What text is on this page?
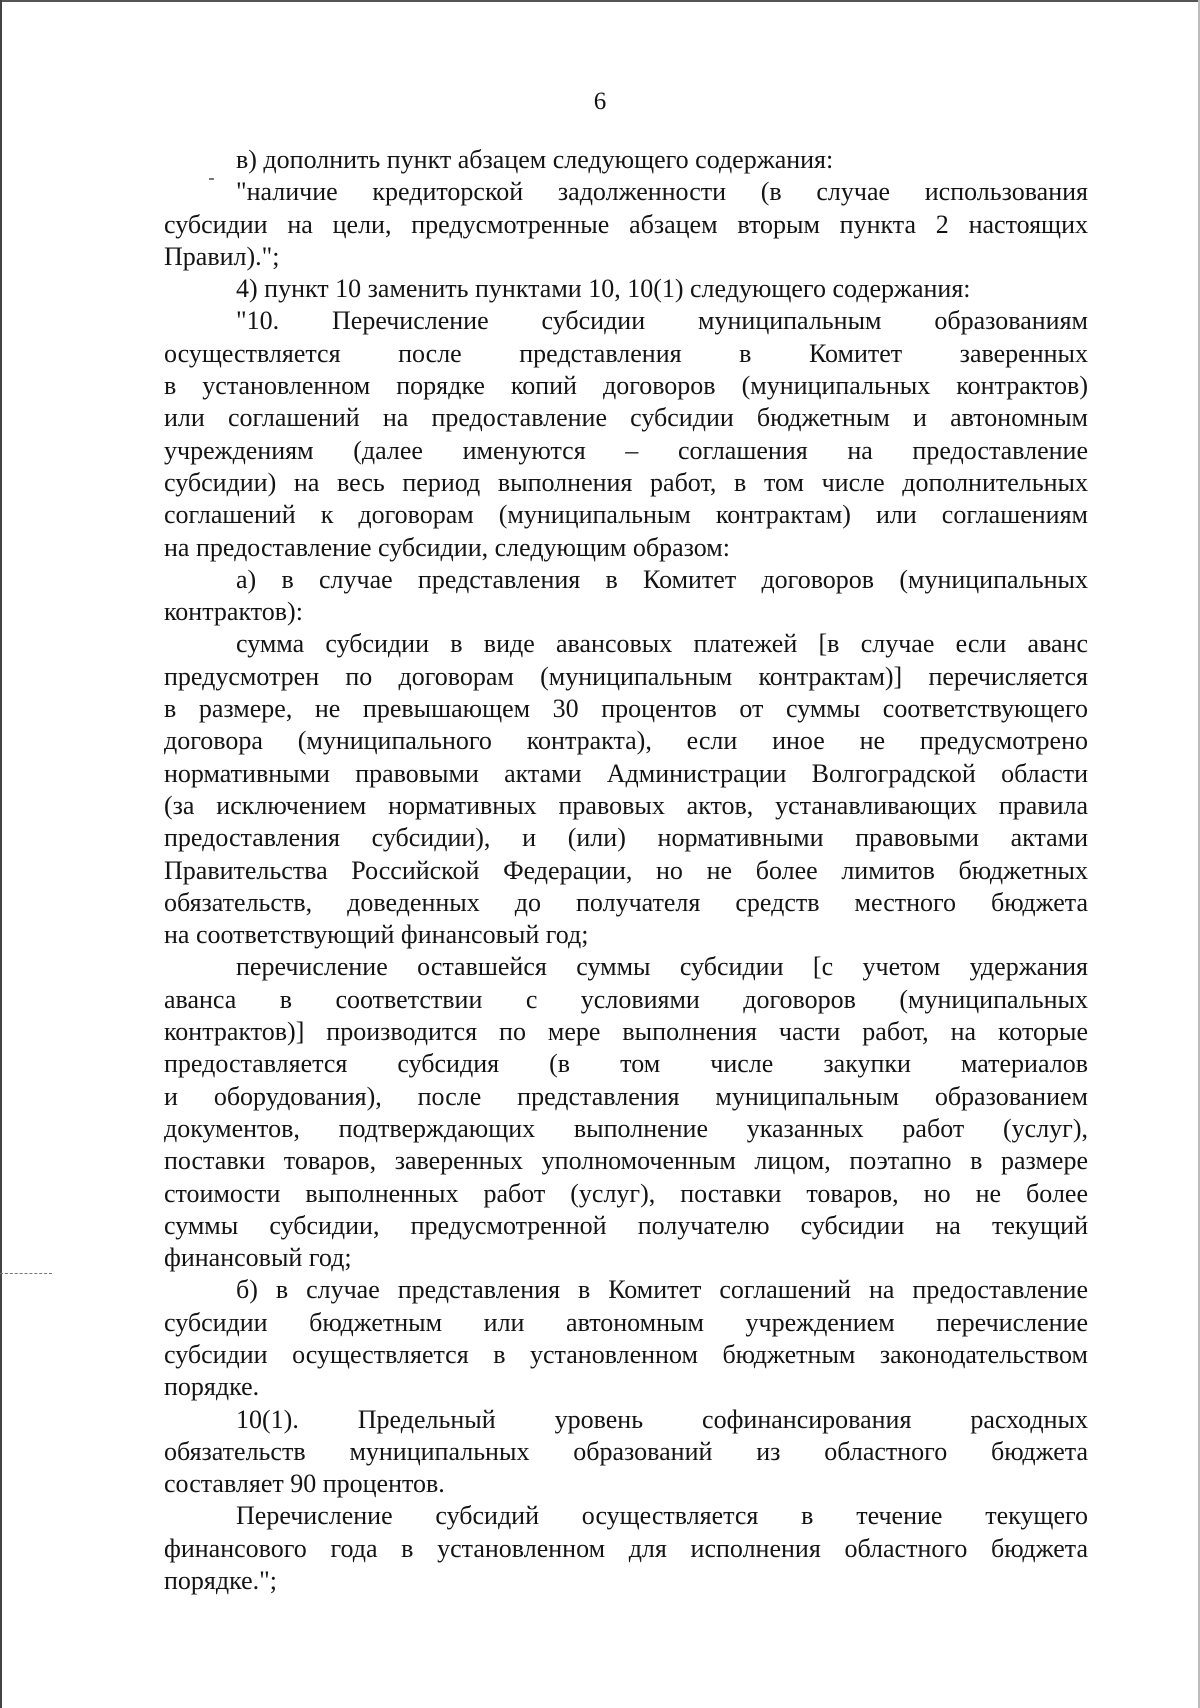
6
в) дополнить пункт абзацем следующего содержания:
"наличие кредиторской задолженности (в случае использования
субсидии на цели, предусмотренные абзацем вторым пункта 2 настоящих
Правил).";
4) пункт 10 заменить пунктами 10, 10(1) следующего содержания:
"10. Перечисление субсидии муниципальным образованиям
осуществляется после представления в Комитет заверенных
в установленном порядке копий договоров (муниципальных контрактов)
или соглашений на предоставление субсидии бюджетным и автономным
учреждениям (далее именуются – соглашения на предоставление
субсидии) на весь период выполнения работ, в том числе дополнительных
соглашений к договорам (муниципальным контрактам) или соглашениям
на предоставление субсидии, следующим образом:
а) в случае представления в Комитет договоров (муниципальных
контрактов):
сумма субсидии в виде авансовых платежей [в случае если аванс
предусмотрен по договорам (муниципальным контрактам)] перечисляется
в размере, не превышающем 30 процентов от суммы соответствующего
договора (муниципального контракта), если иное не предусмотрено
нормативными правовыми актами Администрации Волгоградской области
(за исключением нормативных правовых актов, устанавливающих правила
предоставления субсидии), и (или) нормативными правовыми актами
Правительства Российской Федерации, но не более лимитов бюджетных
обязательств, доведенных до получателя средств местного бюджета
на соответствующий финансовый год;
перечисление оставшейся суммы субсидии [с учетом удержания
аванса в соответствии с условиями договоров (муниципальных
контрактов)] производится по мере выполнения части работ, на которые
предоставляется субсидия (в том числе закупки материалов
и оборудования), после представления муниципальным образованием
документов, подтверждающих выполнение указанных работ (услуг),
поставки товаров, заверенных уполномоченным лицом, поэтапно в размере
стоимости выполненных работ (услуг), поставки товаров, но не более
суммы субсидии, предусмотренной получателю субсидии на текущий
финансовый год;
б) в случае представления в Комитет соглашений на предоставление
субсидии бюджетным или автономным учреждением перечисление
субсидии осуществляется в установленном бюджетным законодательством
порядке.
10(1). Предельный уровень софинансирования расходных
обязательств муниципальных образований из областного бюджета
составляет 90 процентов.
Перечисление субсидий осуществляется в течение текущего
финансового года в установленном для исполнения областного бюджета
порядке.";
